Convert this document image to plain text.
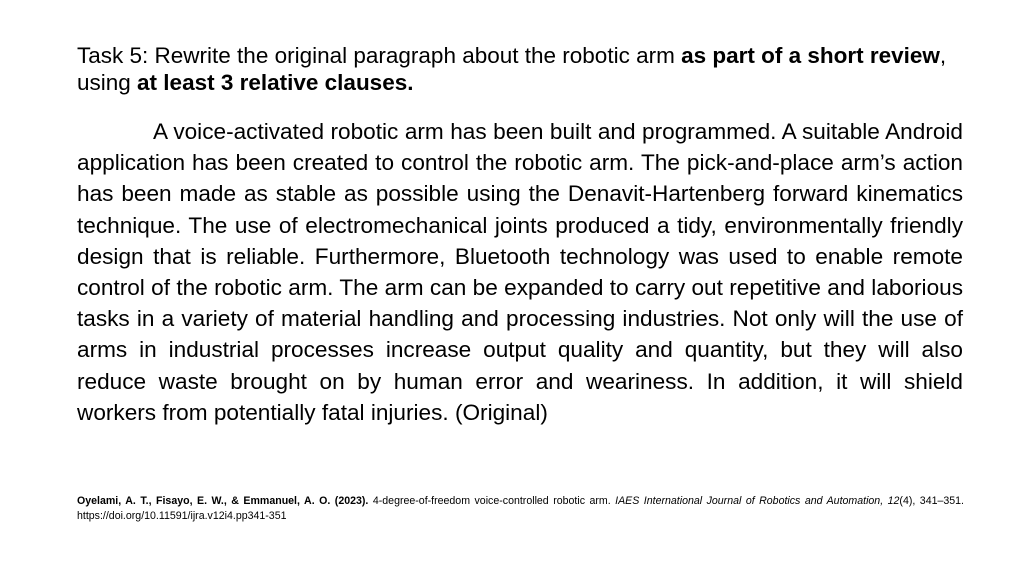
Task 5: Rewrite the original paragraph about the robotic arm as part of a short review, using at least 3 relative clauses.

A voice-activated robotic arm has been built and programmed. A suitable Android application has been created to control the robotic arm. The pick-and-place arm’s action has been made as stable as possible using the Denavit-Hartenberg forward kinematics technique. The use of electromechanical joints produced a tidy, environmentally friendly design that is reliable. Furthermore, Bluetooth technology was used to enable remote control of the robotic arm. The arm can be expanded to carry out repetitive and laborious tasks in a variety of material handling and processing industries. Not only will the use of arms in industrial processes increase output quality and quantity, but they will also reduce waste brought on by human error and weariness. In addition, it will shield workers from potentially fatal injuries. (Original)

Oyelami, A. T., Fisayo, E. W., & Emmanuel, A. O. (2023). 4-degree-of-freedom voice-controlled robotic arm. IAES International Journal of Robotics and Automation, 12(4), 341–351. https://doi.org/10.11591/ijra.v12i4.pp341-351
